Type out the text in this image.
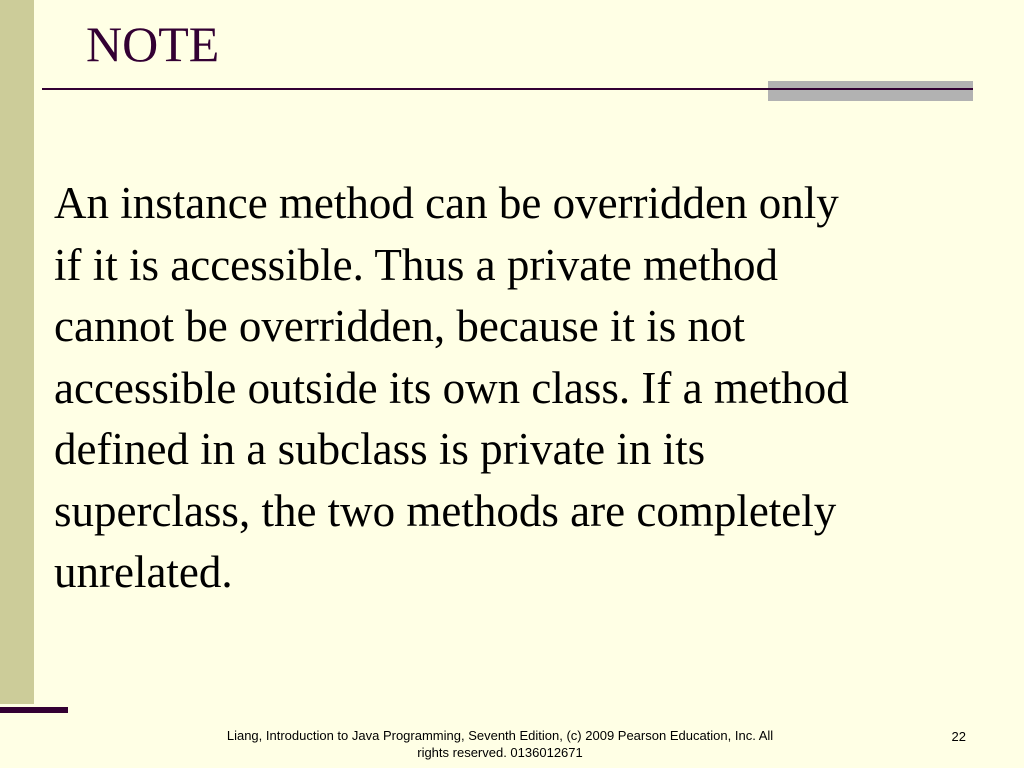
NOTE
An instance method can be overridden only
if it is accessible. Thus a private method
cannot be overridden, because it is not
accessible outside its own class. If a method
defined in a subclass is private in its
superclass, the two methods are completely
unrelated.
Liang, Introduction to Java Programming, Seventh Edition, (c) 2009 Pearson Education, Inc. All
rights reserved. 0136012671
22
